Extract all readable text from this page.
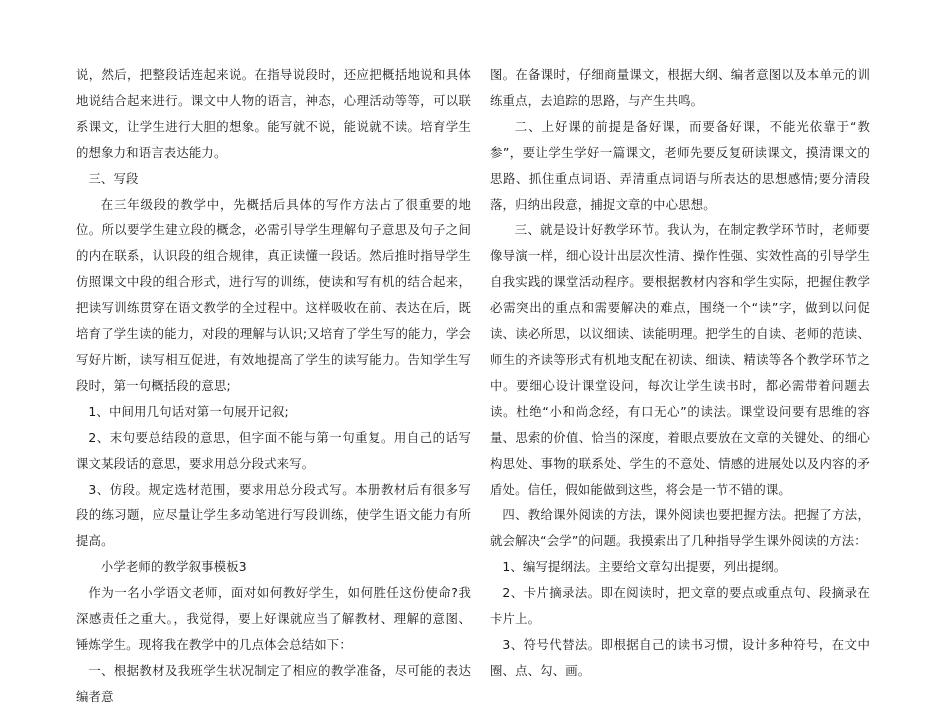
说，然后，把整段话连起来说。在指导说段时，还应把概括地说和具体地说结合起来进行。课文中人物的语言，神态，心理活动等等，可以联系课文，让学生进行大胆的想象。能写就不说，能说就不读。培育学生的想象力和语言表达能力。

三、写段

在三年级段的教学中，先概括后具体的写作方法占了很重要的地位。所以要学生建立段的概念，必需引导学生理解句子意思及句子之间的内在联系，认识段的组合规律，真正读懂一段话。然后推时指导学生仿照课文中段的组合形式，进行写的训练，使读和写有机的结合起来，把读写训练贯穿在语文教学的全过程中。这样吸收在前、表达在后，既培育了学生读的能力，对段的理解与认识;又培育了学生写的能力，学会写好片断，读写相互促进，有效地提高了学生的读写能力。告知学生写段时，第一句概括段的意思;

1、中间用几句话对第一句展开记叙;

2、末句要总结段的意思，但字面不能与第一句重复。用自己的话写课文某段话的意思，要求用总分段式来写。

3、仿段。规定选材范围，要求用总分段式写。本册教材后有很多写段的练习题，应尽量让学生多动笔进行写段训练，使学生语文能力有所提高。

小学老师的教学叙事模板3

作为一名小学语文老师，面对如何教好学生，如何胜任这份使命?我深感责任之重大。，我觉得，要上好课就应当了解教材、理解的意图、锤炼学生。现将我在教学中的几点体会总结如下：

一、根据教材及我班学生状况制定了相应的教学准备，尽可能的表达编者意

图。在备课时，仔细商量课文，根据大纲、编者意图以及本单元的训练重点，去追踪的思路，与产生共鸣。

二、上好课的前提是备好课，而要备好课，不能光依靠于“教参”，要让学生学好一篇课文，老师先要反复研读课文，摸清课文的思路、抓住重点词语、弄清重点词语与所表达的思想感情;要分清段落，归纳出段意，捕捉文章的中心思想。

三、就是设计好教学环节。我认为，在制定教学环节时，老师要像导演一样，细心设计出层次性清、操作性强、实效性高的引导学生自我实践的课堂活动程序。要根据教材内容和学生实际，把握住教学必需突出的重点和需要解决的难点，围绕一个“读”字，做到以问促读、读必所思，以议细读、读能明理。把学生的自读、老师的范读、师生的齐读等形式有机地支配在初读、细读、精读等各个教学环节之中。要细心设计课堂设问，每次让学生读书时，都必需带着问题去读。杜绝“小和尚念经，有口无心”的读法。课堂设问要有思维的容量、思索的价值、恰当的深度，着眼点要放在文章的关键处、的细心构思处、事物的联系处、学生的不意处、情感的进展处以及内容的矛盾处。信任，假如能做到这些，将会是一节不错的课。

四、教给课外阅读的方法，课外阅读也要把握方法。把握了方法，就会解决“会学”的问题。我摸索出了几种指导学生课外阅读的方法：

1、编写提纲法。主要给文章勾出提要，列出提纲。

2、卡片摘录法。即在阅读时，把文章的要点或重点句、段摘录在卡片上。

3、符号代替法。即根据自己的读书习惯，设计多种符号，在文中圈、点、勾、画。
